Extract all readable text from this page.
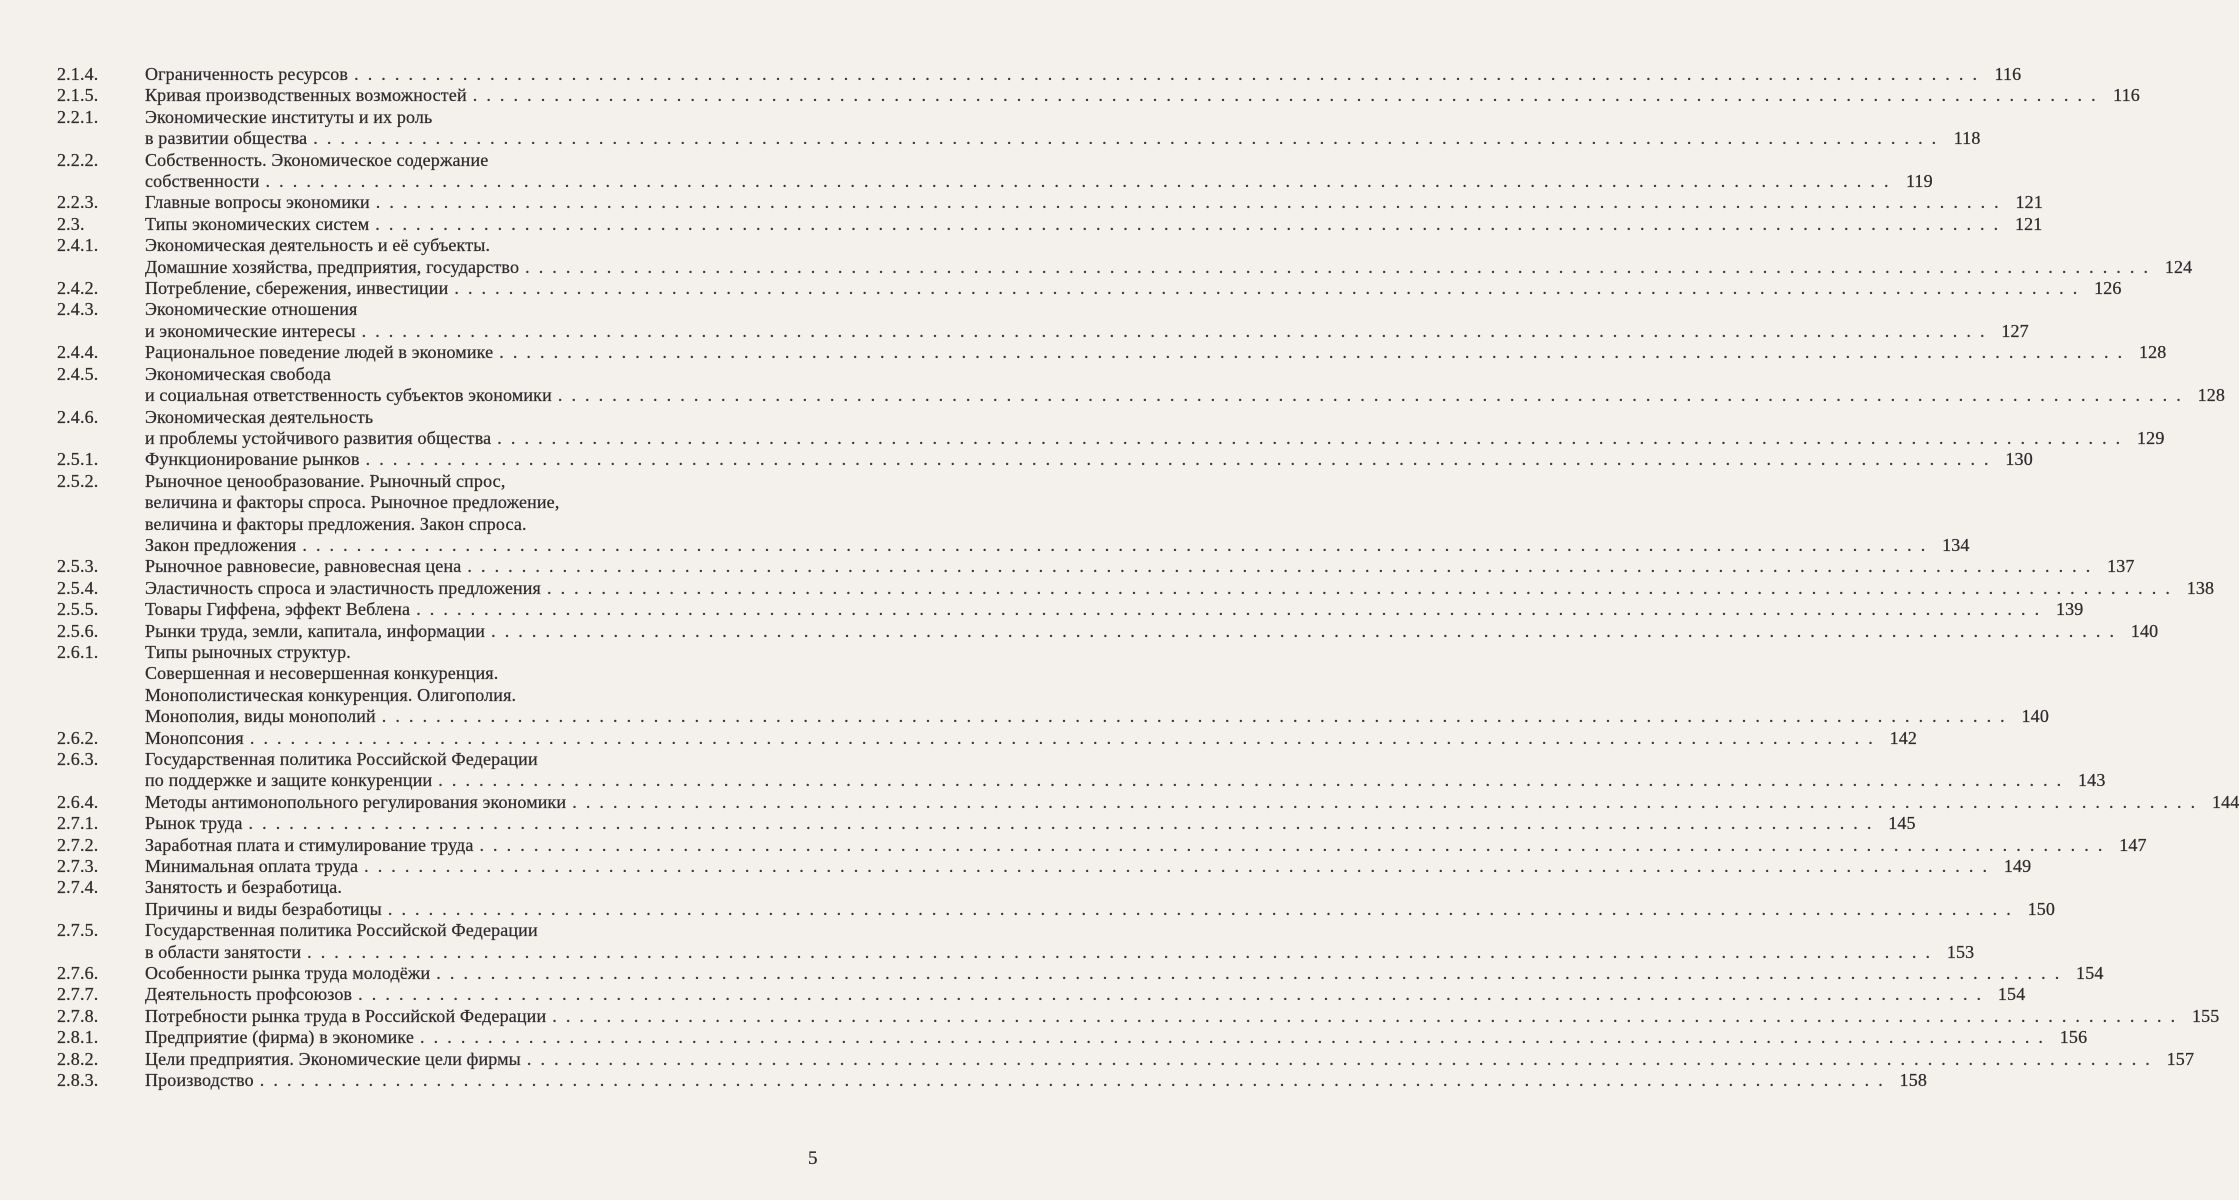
2.1.4.	Ограниченность ресурсов . . . . . . . . . . . . . . . . . . . . . . . . . . . . . . . . . . . . . . . . . . . . . . . . . . . . . . . . . . . . . . . . . . . . . . . . . . . . . . . . . . . . . . . . . . . . . . . . . . . . . . . . . . . . . . . . . . . . . . . . 116
2.1.5.	Кривая производственных возможностей . . . . . . . . . . . . . . . . . . . . . . . . . . . . . . . . . . . . . . . . . . . . . . . . . . . . . . . . . . . . . . . . . . . . . . . . . . . . . . . . . . . . . . . . . . . . . . . . . . . . . . . . . . . . . . . . . . . . . . . . 116
2.2.1.	Экономические институты и их роль
в развитии общества . . . . . . . . . . . . . . . . . . . . . . . . . . . . . . . . . . . . . . . . . . . . . . . . . . . . . . . . . . . . . . . . . . . . . . . . . . . . . . . . . . . . . . . . . . . . . . . . . . . . . . . . . . . . . . . . . . . . . . . . 118
2.2.2.	Собственность. Экономическое содержание
собственности . . . . . . . . . . . . . . . . . . . . . . . . . . . . . . . . . . . . . . . . . . . . . . . . . . . . . . . . . . . . . . . . . . . . . . . . . . . . . . . . . . . . . . . . . . . . . . . . . . . . . . . . . . . . . . . . . . . . . . . . 119
2.2.3.	Главные вопросы экономики . . . . . . . . . . . . . . . . . . . . . . . . . . . . . . . . . . . . . . . . . . . . . . . . . . . . . . . . . . . . . . . . . . . . . . . . . . . . . . . . . . . . . . . . . . . . . . . . . . . . . . . . . . . . . . . . . . . . . . . . 121
2.3.	Типы экономических систем . . . . . . . . . . . . . . . . . . . . . . . . . . . . . . . . . . . . . . . . . . . . . . . . . . . . . . . . . . . . . . . . . . . . . . . . . . . . . . . . . . . . . . . . . . . . . . . . . . . . . . . . . . . . . . . . . . . . . . . . 121
2.4.1.	Экономическая деятельность и её субъекты.
Домашние хозяйства, предприятия, государство . . . . . . . . . . . . . . . . . . . . . . . . . . . . . . . . . . . . . . . . . . . . . . . . . . . . . . . . . . . . . . . . . . . . . . . . . . . . . . . . . . . . . . . . . . . . . . . . . . . . . . . . . . . . . . . . . . . . . . . . 124
2.4.2.	Потребление, сбережения, инвестиции . . . . . . . . . . . . . . . . . . . . . . . . . . . . . . . . . . . . . . . . . . . . . . . . . . . . . . . . . . . . . . . . . . . . . . . . . . . . . . . . . . . . . . . . . . . . . . . . . . . . . . . . . . . . . . . . . . . . . . . . 126
2.4.3.	Экономические отношения
и экономические интересы . . . . . . . . . . . . . . . . . . . . . . . . . . . . . . . . . . . . . . . . . . . . . . . . . . . . . . . . . . . . . . . . . . . . . . . . . . . . . . . . . . . . . . . . . . . . . . . . . . . . . . . . . . . . . . . . . . . . . . . . 127
2.4.4.	Рациональное поведение людей в экономике . . . . . . . . . . . . . . . . . . . . . . . . . . . . . . . . . . . . . . . . . . . . . . . . . . . . . . . . . . . . . . . . . . . . . . . . . . . . . . . . . . . . . . . . . . . . . . . . . . . . . . . . . . . . . . . . . . . . . . . . 128
2.4.5.	Экономическая свобода
и социальная ответственность субъектов экономики . . . . . . . . . . . . . . . . . . . . . . . . . . . . . . . . . . . . . . . . . . . . . . . . . . . . . . . . . . . . . . . . . . . . . . . . . . . . . . . . . . . . . . . . . . . . . . . . . . . . . . . . . . . . . . . . . . . . . . . . 128
2.4.6.	Экономическая деятельность
и проблемы устойчивого развития общества . . . . . . . . . . . . . . . . . . . . . . . . . . . . . . . . . . . . . . . . . . . . . . . . . . . . . . . . . . . . . . . . . . . . . . . . . . . . . . . . . . . . . . . . . . . . . . . . . . . . . . . . . . . . . . . . . . . . . . . . 129
2.5.1.	Функционирование рынков . . . . . . . . . . . . . . . . . . . . . . . . . . . . . . . . . . . . . . . . . . . . . . . . . . . . . . . . . . . . . . . . . . . . . . . . . . . . . . . . . . . . . . . . . . . . . . . . . . . . . . . . . . . . . . . . . . . . . . . . 130
2.5.2.	Рыночное ценообразование. Рыночный спрос,
величина и факторы спроса. Рыночное предложение,
величина и факторы предложения. Закон спроса.
Закон предложения . . . . . . . . . . . . . . . . . . . . . . . . . . . . . . . . . . . . . . . . . . . . . . . . . . . . . . . . . . . . . . . . . . . . . . . . . . . . . . . . . . . . . . . . . . . . . . . . . . . . . . . . . . . . . . . . . . . . . . . . 134
2.5.3.	Рыночное равновесие, равновесная цена . . . . . . . . . . . . . . . . . . . . . . . . . . . . . . . . . . . . . . . . . . . . . . . . . . . . . . . . . . . . . . . . . . . . . . . . . . . . . . . . . . . . . . . . . . . . . . . . . . . . . . . . . . . . . . . . . . . . . . . . 137
2.5.4.	Эластичность спроса и эластичность предложения . . . . . . . . . . . . . . . . . . . . . . . . . . . . . . . . . . . . . . . . . . . . . . . . . . . . . . . . . . . . . . . . . . . . . . . . . . . . . . . . . . . . . . . . . . . . . . . . . . . . . . . . . . . . . . . . . . . . . . . . 138
2.5.5.	Товары Гиффена, эффект Веблена . . . . . . . . . . . . . . . . . . . . . . . . . . . . . . . . . . . . . . . . . . . . . . . . . . . . . . . . . . . . . . . . . . . . . . . . . . . . . . . . . . . . . . . . . . . . . . . . . . . . . . . . . . . . . . . . . . . . . . . . 139
2.5.6.	Рынки труда, земли, капитала, информации . . . . . . . . . . . . . . . . . . . . . . . . . . . . . . . . . . . . . . . . . . . . . . . . . . . . . . . . . . . . . . . . . . . . . . . . . . . . . . . . . . . . . . . . . . . . . . . . . . . . . . . . . . . . . . . . . . . . . . . . 140
2.6.1.	Типы рыночных структур.
Совершенная и несовершенная конкуренция.
Монополистическая конкуренция. Олигополия.
Монополия, виды монополий . . . . . . . . . . . . . . . . . . . . . . . . . . . . . . . . . . . . . . . . . . . . . . . . . . . . . . . . . . . . . . . . . . . . . . . . . . . . . . . . . . . . . . . . . . . . . . . . . . . . . . . . . . . . . . . . . . . . . . . . 140
2.6.2.	Монопсония . . . . . . . . . . . . . . . . . . . . . . . . . . . . . . . . . . . . . . . . . . . . . . . . . . . . . . . . . . . . . . . . . . . . . . . . . . . . . . . . . . . . . . . . . . . . . . . . . . . . . . . . . . . . . . . . . . . . . . . . 142
2.6.3.	Государственная политика Российской Федерации
по поддержке и защите конкуренции . . . . . . . . . . . . . . . . . . . . . . . . . . . . . . . . . . . . . . . . . . . . . . . . . . . . . . . . . . . . . . . . . . . . . . . . . . . . . . . . . . . . . . . . . . . . . . . . . . . . . . . . . . . . . . . . . . . . . . . . 143
2.6.4.	Методы антимонопольного регулирования экономики . . . . . . . . . . . . . . . . . . . . . . . . . . . . . . . . . . . . . . . . . . . . . . . . . . . . . . . . . . . . . . . . . . . . . . . . . . . . . . . . . . . . . . . . . . . . . . . . . . . . . . . . . . . . . . . . . . . . . . . . 144
2.7.1.	Рынок труда . . . . . . . . . . . . . . . . . . . . . . . . . . . . . . . . . . . . . . . . . . . . . . . . . . . . . . . . . . . . . . . . . . . . . . . . . . . . . . . . . . . . . . . . . . . . . . . . . . . . . . . . . . . . . . . . . . . . . . . . 145
2.7.2.	Заработная плата и стимулирование труда . . . . . . . . . . . . . . . . . . . . . . . . . . . . . . . . . . . . . . . . . . . . . . . . . . . . . . . . . . . . . . . . . . . . . . . . . . . . . . . . . . . . . . . . . . . . . . . . . . . . . . . . . . . . . . . . . . . . . . . . 147
2.7.3.	Минимальная оплата труда . . . . . . . . . . . . . . . . . . . . . . . . . . . . . . . . . . . . . . . . . . . . . . . . . . . . . . . . . . . . . . . . . . . . . . . . . . . . . . . . . . . . . . . . . . . . . . . . . . . . . . . . . . . . . . . . . . . . . . . . 149
2.7.4.	Занятость и безработица.
Причины и виды безработицы . . . . . . . . . . . . . . . . . . . . . . . . . . . . . . . . . . . . . . . . . . . . . . . . . . . . . . . . . . . . . . . . . . . . . . . . . . . . . . . . . . . . . . . . . . . . . . . . . . . . . . . . . . . . . . . . . . . . . . . . 150
2.7.5.	Государственная политика Российской Федерации
в области занятости . . . . . . . . . . . . . . . . . . . . . . . . . . . . . . . . . . . . . . . . . . . . . . . . . . . . . . . . . . . . . . . . . . . . . . . . . . . . . . . . . . . . . . . . . . . . . . . . . . . . . . . . . . . . . . . . . . . . . . . . 153
2.7.6.	Особенности рынка труда молодёжи . . . . . . . . . . . . . . . . . . . . . . . . . . . . . . . . . . . . . . . . . . . . . . . . . . . . . . . . . . . . . . . . . . . . . . . . . . . . . . . . . . . . . . . . . . . . . . . . . . . . . . . . . . . . . . . . . . . . . . . . 154
2.7.7.	Деятельность профсоюзов . . . . . . . . . . . . . . . . . . . . . . . . . . . . . . . . . . . . . . . . . . . . . . . . . . . . . . . . . . . . . . . . . . . . . . . . . . . . . . . . . . . . . . . . . . . . . . . . . . . . . . . . . . . . . . . . . . . . . . . . 154
2.7.8.	Потребности рынка труда в Российской Федерации . . . . . . . . . . . . . . . . . . . . . . . . . . . . . . . . . . . . . . . . . . . . . . . . . . . . . . . . . . . . . . . . . . . . . . . . . . . . . . . . . . . . . . . . . . . . . . . . . . . . . . . . . . . . . . . . . . . . . . . . 155
2.8.1.	Предприятие (фирма) в экономике . . . . . . . . . . . . . . . . . . . . . . . . . . . . . . . . . . . . . . . . . . . . . . . . . . . . . . . . . . . . . . . . . . . . . . . . . . . . . . . . . . . . . . . . . . . . . . . . . . . . . . . . . . . . . . . . . . . . . . . . 156
2.8.2.	Цели предприятия. Экономические цели фирмы . . . . . . . . . . . . . . . . . . . . . . . . . . . . . . . . . . . . . . . . . . . . . . . . . . . . . . . . . . . . . . . . . . . . . . . . . . . . . . . . . . . . . . . . . . . . . . . . . . . . . . . . . . . . . . . . . . . . . . . . 157
2.8.3.	Производство . . . . . . . . . . . . . . . . . . . . . . . . . . . . . . . . . . . . . . . . . . . . . . . . . . . . . . . . . . . . . . . . . . . . . . . . . . . . . . . . . . . . . . . . . . . . . . . . . . . . . . . . . . . . . . . . . . . . . . . . 158
5
